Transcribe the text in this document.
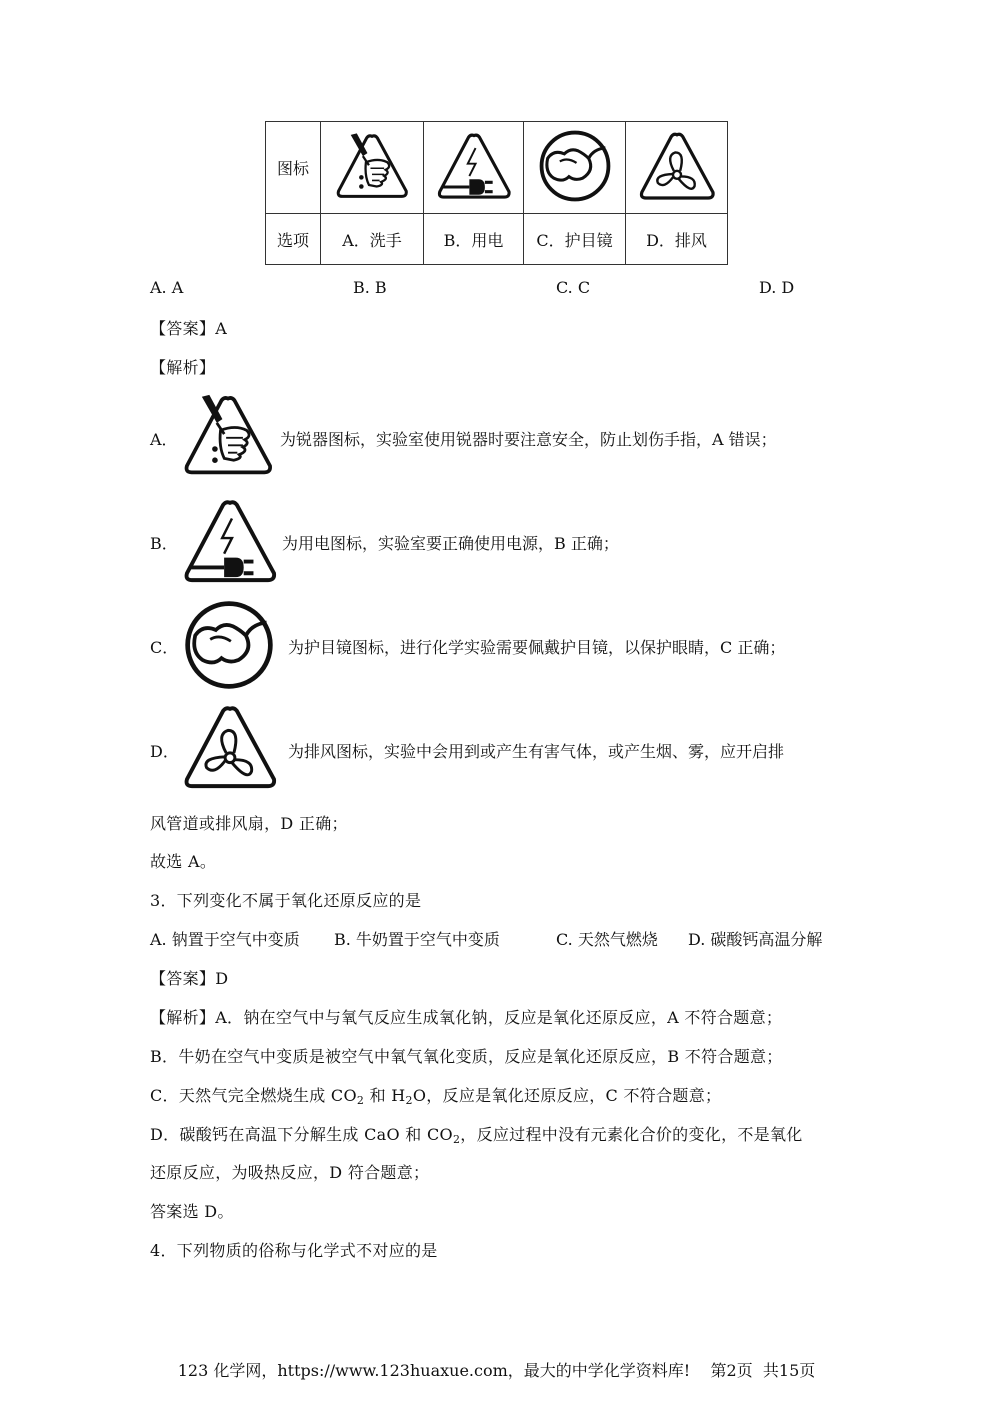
图标				
选项	A．洗手	B．用电	C．护目镜	D．排风
A. A	B. B	C. C	D. D
【答案】A
【解析】
A．	为锐器图标，实验室使用锐器时要注意安全，防止划伤手指，A 错误；
B．	为用电图标，实验室要正确使用电源，B 正确；
C．	为护目镜图标，进行化学实验需要佩戴护目镜，以保护眼睛，C 正确；
D．	为排风图标，实验中会用到或产生有害气体，或产生烟、雾，应开启排
风管道或排风扇，D 正确；
故选 A。
3．下列变化不属于氧化还原反应的是
A. 钠置于空气中变质 B. 牛奶置于空气中变质	C. 天然气燃烧 D. 碳酸钙高温分解
【答案】D
【解析】A．钠在空气中与氧气反应生成氧化钠，反应是氧化还原反应，A 不符合题意；
B．牛奶在空气中变质是被空气中氧气氧化变质，反应是氧化还原反应，B 不符合题意；
C．天然气完全燃烧生成 $CO_2$ 和 $H_2O$，反应是氧化还原反应，C 不符合题意；
D．碳酸钙在高温下分解生成 CaO 和 $CO_2$，反应过程中没有元素化合价的变化，不是氧化
还原反应，为吸热反应，D 符合题意；
答案选 D。
4．下列物质的俗称与化学式不对应的是
123 化学网，https://www.123huaxue.com，最大的中学化学资料库!    第2页  共15页
